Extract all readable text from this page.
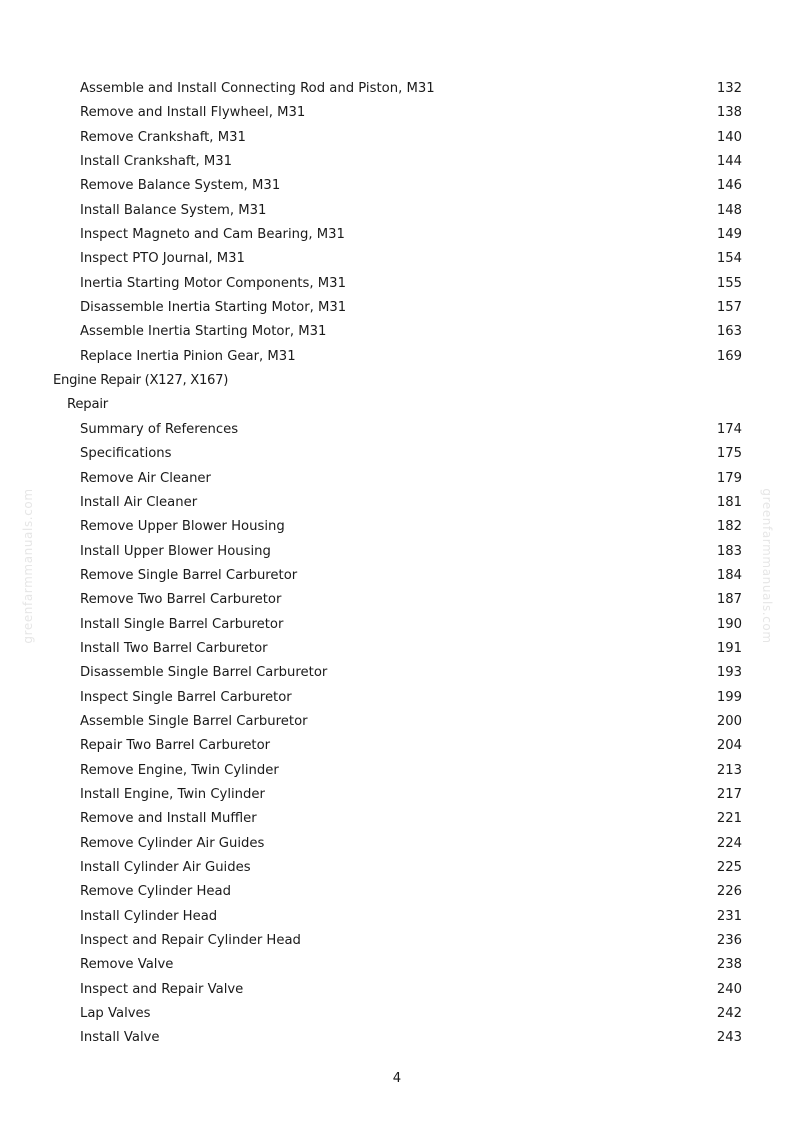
greenfarmmanuals.com	greenfarmmanuals.com
Assemble and Install Connecting Rod and Piston, M31	132
Remove and Install Flywheel, M31	138
Remove Crankshaft, M31	140
Install Crankshaft, M31	144
Remove Balance System, M31	146
Install Balance System, M31	148
Inspect Magneto and Cam Bearing, M31	149
Inspect PTO Journal, M31	154
Inertia Starting Motor Components, M31	155
Disassemble Inertia Starting Motor, M31	157
Assemble Inertia Starting Motor, M31	163
Replace Inertia Pinion Gear, M31	169
Engine Repair (X127, X167)
Repair
Summary of References	174
Specifications	175
Remove Air Cleaner	179
Install Air Cleaner	181
Remove Upper Blower Housing	182
Install Upper Blower Housing	183
Remove Single Barrel Carburetor	184
Remove Two Barrel Carburetor	187
Install Single Barrel Carburetor	190
Install Two Barrel Carburetor	191
Disassemble Single Barrel Carburetor	193
Inspect Single Barrel Carburetor	199
Assemble Single Barrel Carburetor	200
Repair Two Barrel Carburetor	204
Remove Engine, Twin Cylinder	213
Install Engine, Twin Cylinder	217
Remove and Install Muffler	221
Remove Cylinder Air Guides	224
Install Cylinder Air Guides	225
Remove Cylinder Head	226
Install Cylinder Head	231
Inspect and Repair Cylinder Head	236
Remove Valve	238
Inspect and Repair Valve	240
Lap Valves	242
Install Valve	243
4
